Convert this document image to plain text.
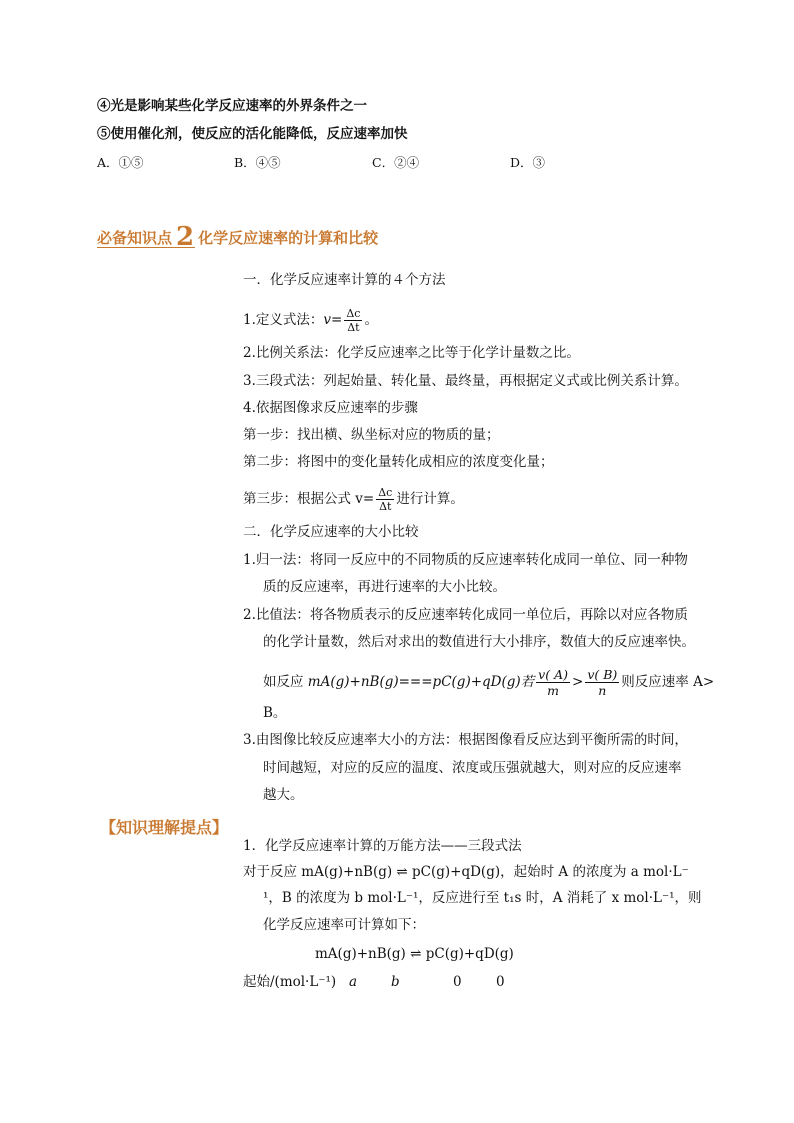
④光是影响某些化学反应速率的外界条件之一
⑤使用催化剂，使反应的活化能降低，反应速率加快
A．①⑤	B．④⑤	C．②④	D．③
必备知识点 2 化学反应速率的计算和比较
一．化学反应速率计算的４个方法
1.定义式法：$v= \frac{\Delta c}{\Delta t}$ 。
2.比例关系法：化学反应速率之比等于化学计量数之比。
3.三段式法：列起始量、转化量、最终量，再根据定义式或比例关系计算。
4.依据图像求反应速率的步骤
第一步：找出横、纵坐标对应的物质的量；
第二步：将图中的变化量转化成相应的浓度变化量；
第三步：根据公式 $v= \frac{\Delta c}{\Delta t}$ 进行计算。
二．化学反应速率的大小比较
1.归一法：将同一反应中的不同物质的反应速率转化成同一单位、同一种物
质的反应速率，再进行速率的大小比较。
2.比值法：将各物质表示的反应速率转化成同一单位后，再除以对应各物质
的化学计量数，然后对求出的数值进行大小排序，数值大的反应速率快。
如反应 mA(g)+nB(g)===pC(g)+qD(g)若 $\frac{v( A)}{m} > \frac{v( B)}{n}$ 则反应速率 A>
B。
3.由图像比较反应速率大小的方法：根据图像看反应达到平衡所需的时间，
时间越短，对应的反应的温度、浓度或压强就越大，则对应的反应速率
越大。
【知识理解提点】
1．化学反应速率计算的万能方法——三段式法
对于反应 mA(g)+nB(g) ⇌ pC(g)+qD(g)，起始时 A 的浓度为 a mol·L⁻
¹，B 的浓度为 b mol·L⁻¹，反应进行至 t₁s 时，A 消耗了 x mol·L⁻¹，则
化学反应速率可计算如下：
mA(g)+nB(g) ⇌ pC(g)+qD(g)
起始/(mol·L⁻¹) a	b	0	0
